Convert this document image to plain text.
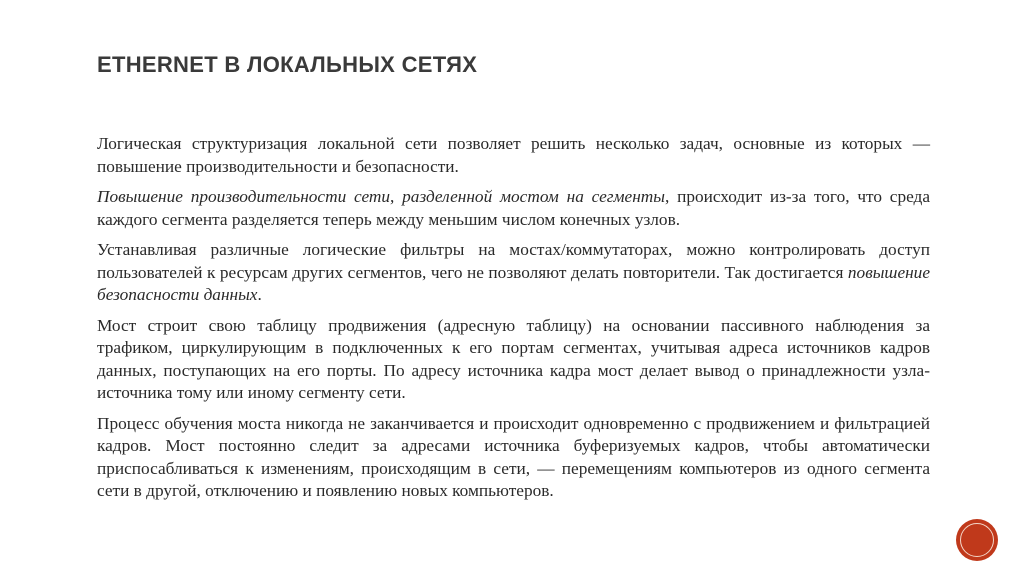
ETHERNET В ЛОКАЛЬНЫХ СЕТЯХ

Логическая структуризация локальной сети позволяет решить несколько задач, основные из которых — повышение производительности и безопасности.

Повышение производительности сети, разделенной мостом на сегменты, происходит из-за того, что среда каждого сегмента разделяется теперь между меньшим числом конечных узлов.

Устанавливая различные логические фильтры на мостах/коммутаторах, можно контролировать доступ пользователей к ресурсам других сегментов, чего не позволяют делать повторители. Так достигается повышение безопасности данных.

Мост строит свою таблицу продвижения (адресную таблицу) на основании пассивного наблюдения за трафиком, циркулирующим в подключенных к его портам сегментах, учитывая адреса источников кадров данных, поступающих на его порты. По адресу источника кадра мост делает вывод о принадлежности узла-источника тому или иному сегменту сети.

Процесс обучения моста никогда не заканчивается и происходит одновременно с продвижением и фильтрацией кадров. Мост постоянно следит за адресами источника буферизуемых кадров, чтобы автоматически приспосабливаться к изменениям, происходящим в сети, — перемещениям компьютеров из одного сегмента сети в другой, отключению и появлению новых компьютеров.
